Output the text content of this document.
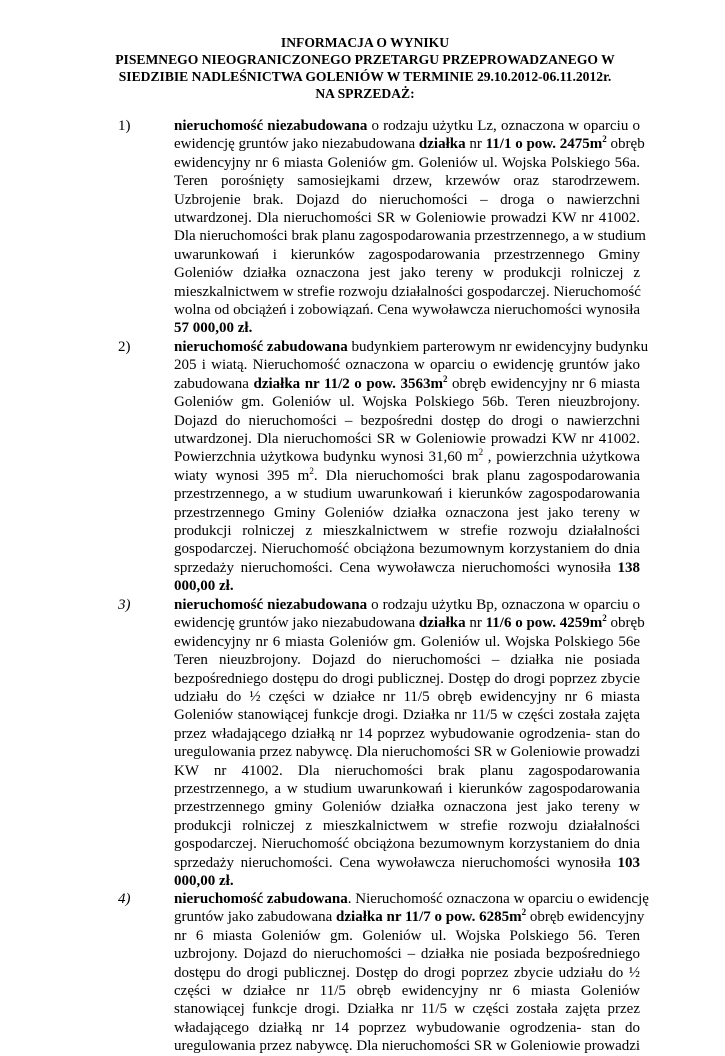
INFORMACJA O WYNIKU
PISEMNEGO NIEOGRANICZONEGO PRZETARGU PRZEPROWADZANEGO W
SIEDZIBIE NADLEŚNICTWA GOLENIÓW W TERMINIE 29.10.2012-06.11.2012r.
NA SPRZEDAŻ:
1)	nieruchomość niezabudowana o rodzaju użytku Lz, oznaczona w oparciu o
ewidencję gruntów jako niezabudowana działka nr 11/1 o pow. $2475m^2$ obręb
ewidencyjny nr 6 miasta Goleniów gm. Goleniów ul. Wojska Polskiego 56a.
Teren porośnięty samosiejkami drzew, krzewów oraz starodrzewem.
Uzbrojenie brak. Dojazd do nieruchomości – droga o nawierzchni
utwardzonej. Dla nieruchomości SR w Goleniowie prowadzi KW nr 41002.
Dla nieruchomości brak planu zagospodarowania przestrzennego, a w studium
uwarunkowań i kierunków zagospodarowania przestrzennego Gminy
Goleniów działka oznaczona jest jako tereny w produkcji rolniczej z
mieszkalnictwem w strefie rozwoju działalności gospodarczej. Nieruchomość
wolna od obciążeń i zobowiązań. Cena wywoławcza nieruchomości wynosiła
57 000,00 zł.
2)	nieruchomość zabudowana budynkiem parterowym nr ewidencyjny budynku
205 i wiatą. Nieruchomość oznaczona w oparciu o ewidencję gruntów jako
zabudowana działka nr 11/2 o pow. $3563m^2$ obręb ewidencyjny nr 6 miasta
Goleniów gm. Goleniów ul. Wojska Polskiego 56b. Teren nieuzbrojony.
Dojazd do nieruchomości – bezpośredni dostęp do drogi o nawierzchni
utwardzonej. Dla nieruchomości SR w Goleniowie prowadzi KW nr 41002.
Powierzchnia użytkowa budynku wynosi 31,60 $m^2$ , powierzchnia użytkowa
wiaty wynosi 395 $m^2$. Dla nieruchomości brak planu zagospodarowania
przestrzennego, a w studium uwarunkowań i kierunków zagospodarowania
przestrzennego Gminy Goleniów działka oznaczona jest jako tereny w
produkcji rolniczej z mieszkalnictwem w strefie rozwoju działalności
gospodarczej. Nieruchomość obciążona bezumownym korzystaniem do dnia
sprzedaży nieruchomości. Cena wywoławcza nieruchomości wynosiła 138
000,00 zł.
3)	nieruchomość niezabudowana o rodzaju użytku Bp, oznaczona w oparciu o
ewidencję gruntów jako niezabudowana działka nr 11/6 o pow. $4259m^2$ obręb
ewidencyjny nr 6 miasta Goleniów gm. Goleniów ul. Wojska Polskiego 56e
Teren nieuzbrojony. Dojazd do nieruchomości – działka nie posiada
bezpośredniego dostępu do drogi publicznej. Dostęp do drogi poprzez zbycie
udziału do ½ części w działce nr 11/5 obręb ewidencyjny nr 6 miasta
Goleniów stanowiącej funkcje drogi. Działka nr 11/5 w części została zajęta
przez władającego działką nr 14 poprzez wybudowanie ogrodzenia- stan do
uregulowania przez nabywcę. Dla nieruchomości SR w Goleniowie prowadzi
KW nr 41002. Dla nieruchomości brak planu zagospodarowania
przestrzennego, a w studium uwarunkowań i kierunków zagospodarowania
przestrzennego gminy Goleniów działka oznaczona jest jako tereny w
produkcji rolniczej z mieszkalnictwem w strefie rozwoju działalności
gospodarczej. Nieruchomość obciążona bezumownym korzystaniem do dnia
sprzedaży nieruchomości. Cena wywoławcza nieruchomości wynosiła 103
000,00 zł.
4)	nieruchomość zabudowana. Nieruchomość oznaczona w oparciu o ewidencję
gruntów jako zabudowana działka nr 11/7 o pow. $6285m^2$ obręb ewidencyjny
nr 6 miasta Goleniów gm. Goleniów ul. Wojska Polskiego 56. Teren
uzbrojony. Dojazd do nieruchomości – działka nie posiada bezpośredniego
dostępu do drogi publicznej. Dostęp do drogi poprzez zbycie udziału do ½
części w działce nr 11/5 obręb ewidencyjny nr 6 miasta Goleniów
stanowiącej funkcje drogi. Działka nr 11/5 w części została zajęta przez
władającego działką nr 14 poprzez wybudowanie ogrodzenia- stan do
uregulowania przez nabywcę. Dla nieruchomości SR w Goleniowie prowadzi
